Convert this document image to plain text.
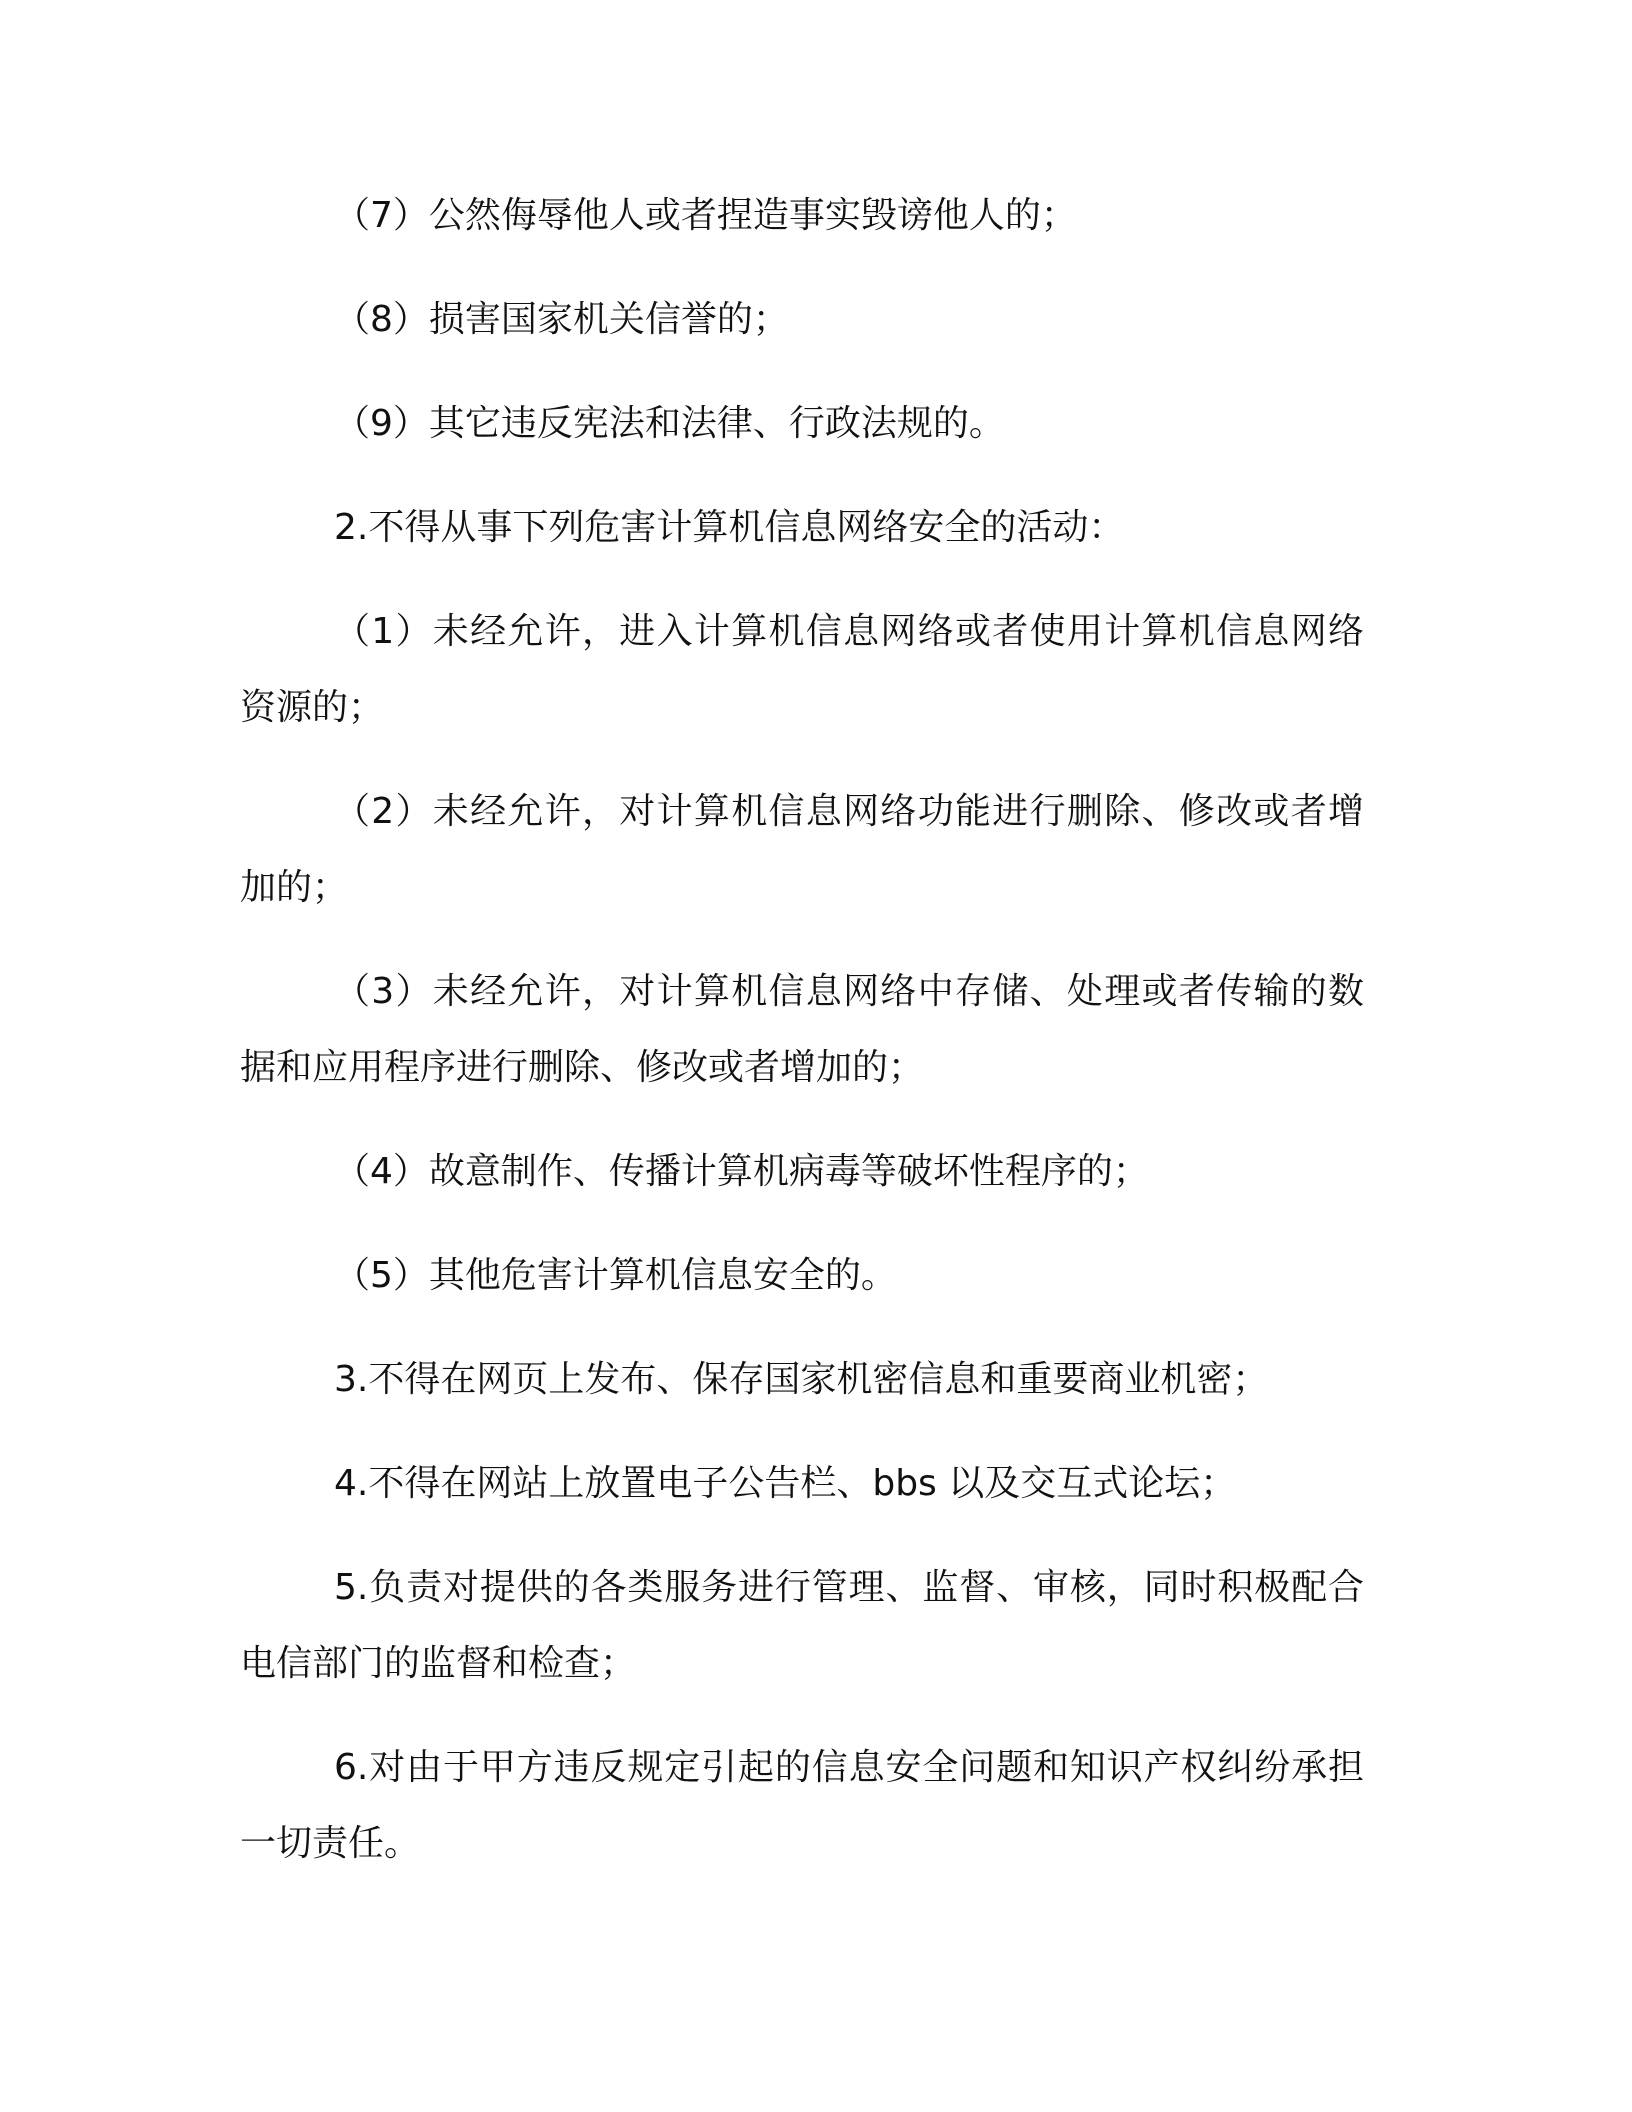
（7）公然侮辱他人或者捏造事实毁谤他人的；

（8）损害国家机关信誉的；

（9）其它违反宪法和法律、行政法规的。

2.不得从事下列危害计算机信息网络安全的活动：

（1）未经允许，进入计算机信息网络或者使用计算机信息网络资源的；

（2）未经允许，对计算机信息网络功能进行删除、修改或者增加的；

（3）未经允许，对计算机信息网络中存储、处理或者传输的数据和应用程序进行删除、修改或者增加的；

（4）故意制作、传播计算机病毒等破坏性程序的；

（5）其他危害计算机信息安全的。

3.不得在网页上发布、保存国家机密信息和重要商业机密；

4.不得在网站上放置电子公告栏、bbs 以及交互式论坛；

5.负责对提供的各类服务进行管理、监督、审核，同时积极配合电信部门的监督和检查；

6.对由于甲方违反规定引起的信息安全问题和知识产权纠纷承担一切责任。
